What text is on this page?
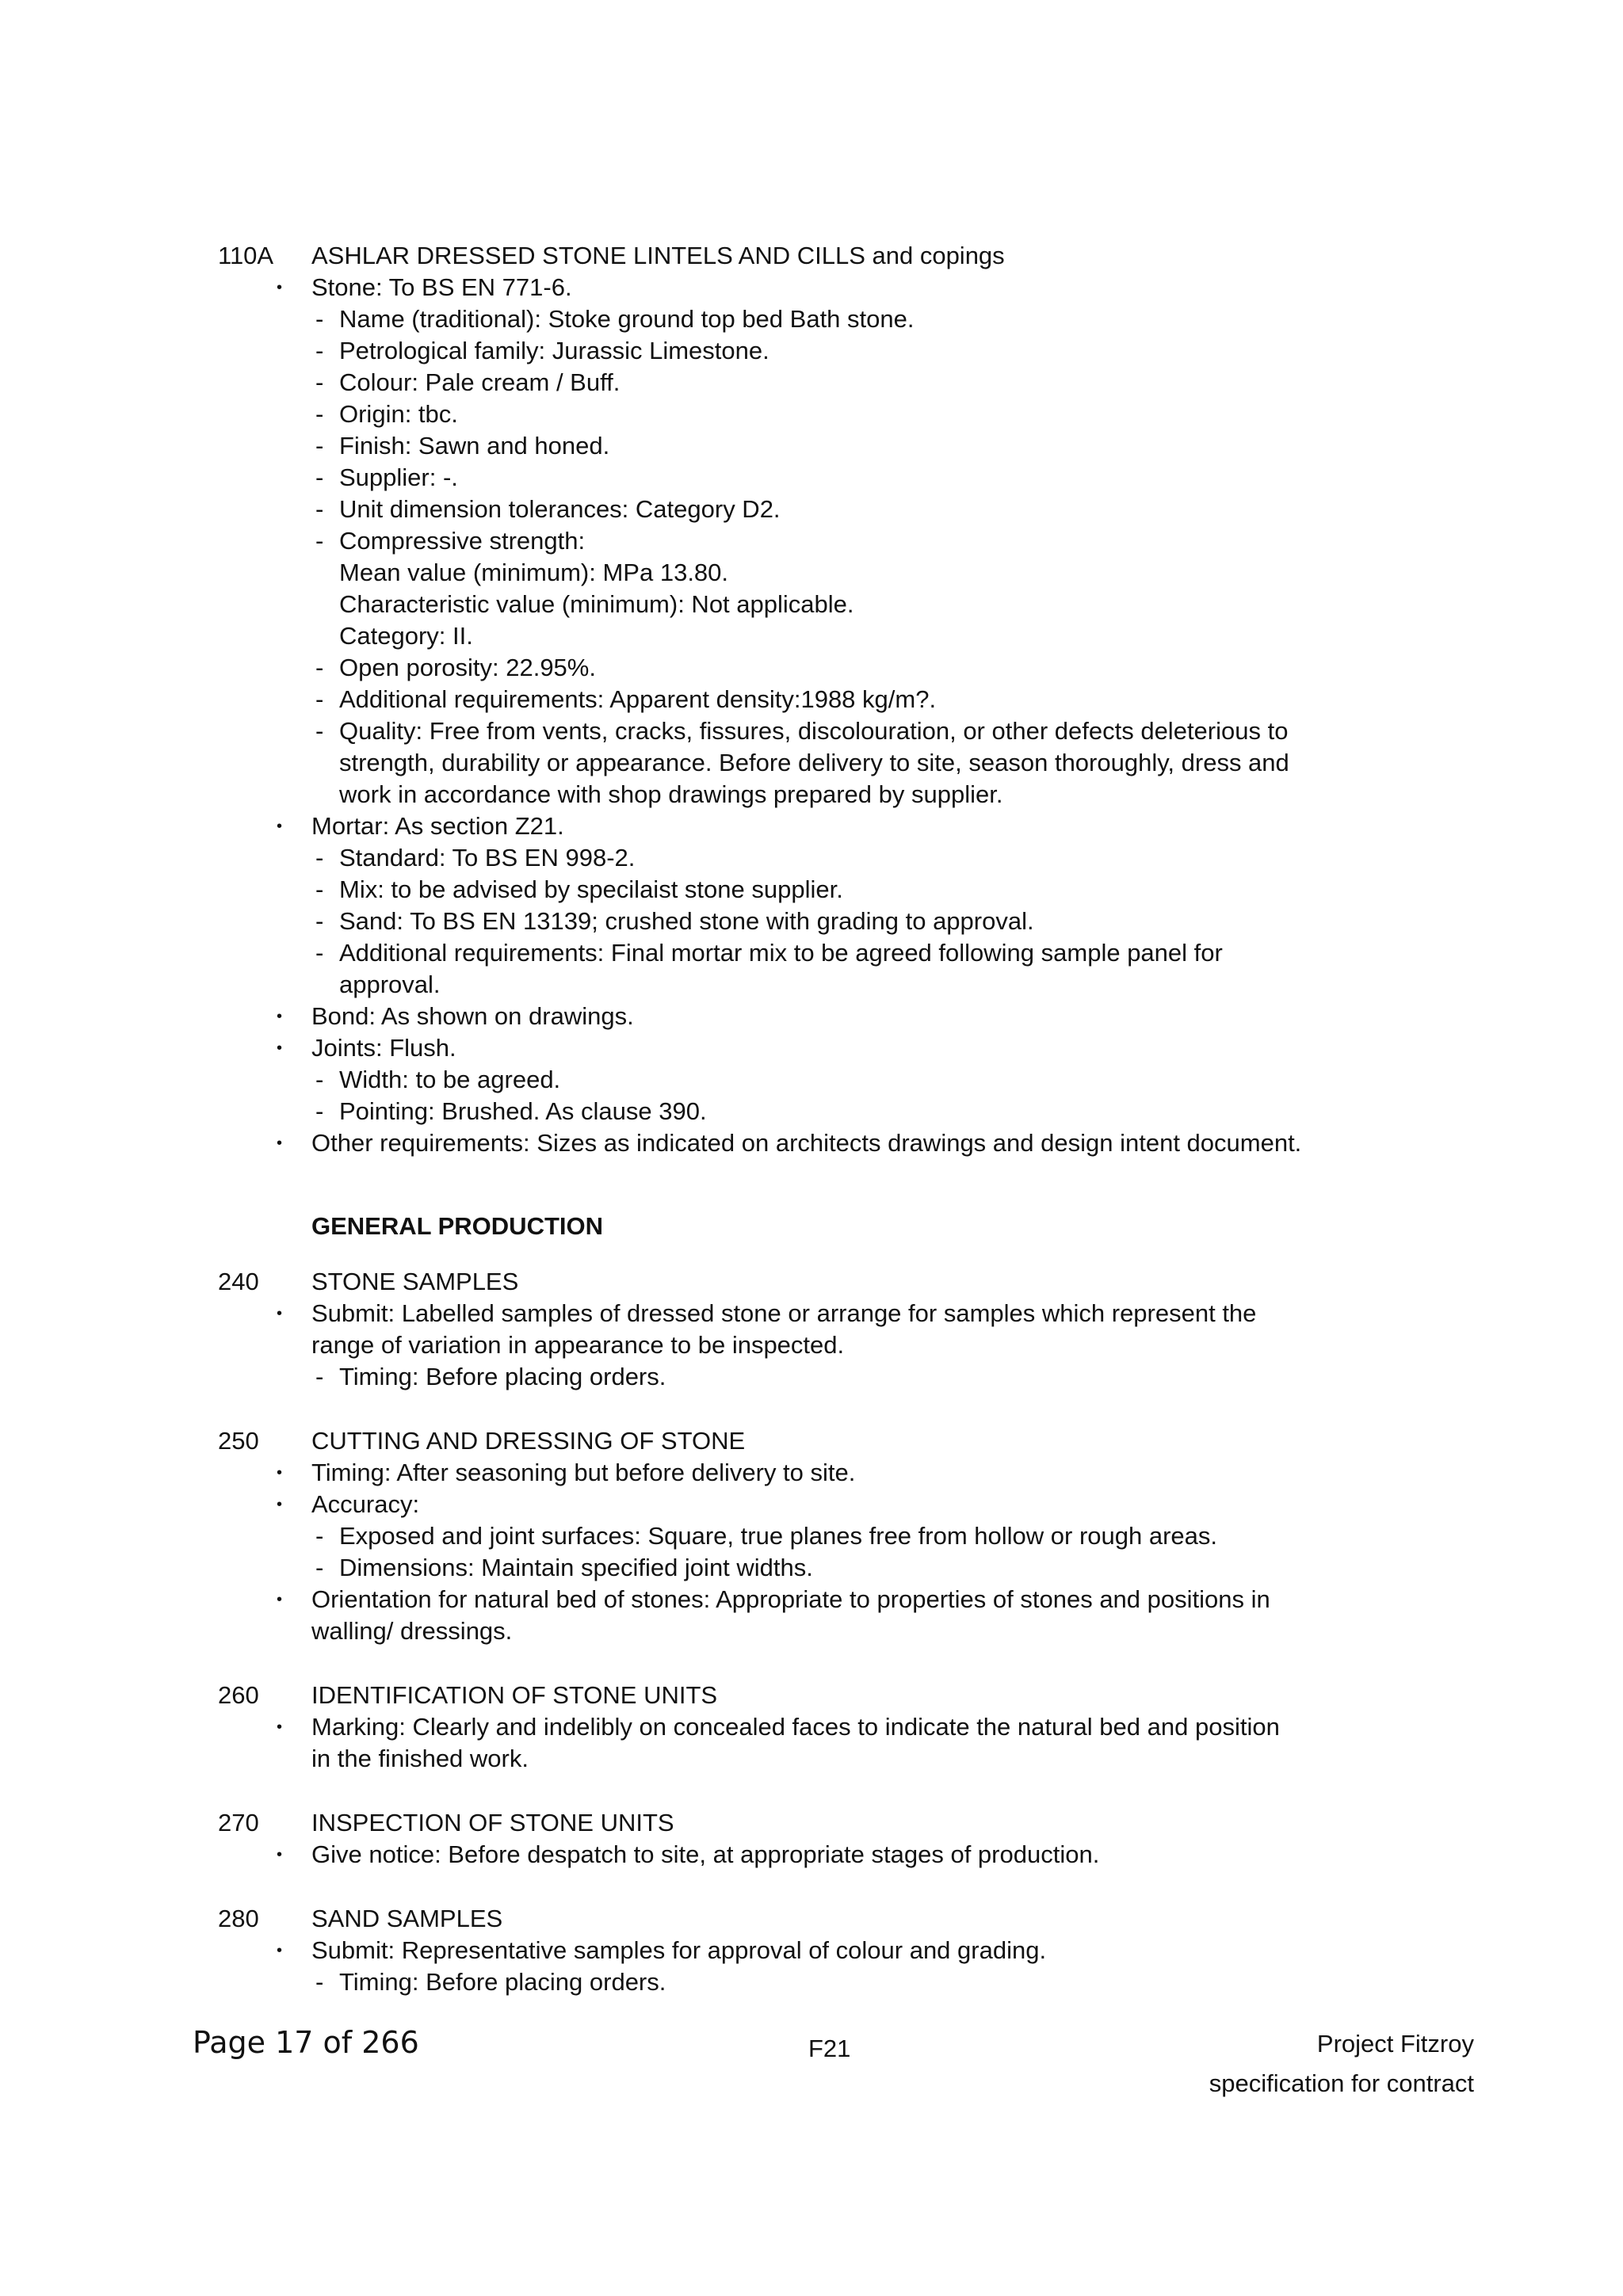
110A ASHLAR DRESSED STONE LINTELS AND CILLS and copings
• Stone: To BS EN 771-6.
- Name (traditional): Stoke ground top bed Bath stone.
- Petrological family: Jurassic Limestone.
- Colour: Pale cream / Buff.
- Origin: tbc.
- Finish: Sawn and honed.
- Supplier: -.
- Unit dimension tolerances: Category D2.
- Compressive strength:
Mean value (minimum): MPa 13.80.
Characteristic value (minimum): Not applicable.
Category: II.
- Open porosity: 22.95%.
- Additional requirements: Apparent density:1988 kg/m?.
- Quality: Free from vents, cracks, fissures, discolouration, or other defects deleterious to
strength, durability or appearance. Before delivery to site, season thoroughly, dress and
work in accordance with shop drawings prepared by supplier.
• Mortar: As section Z21.
- Standard: To BS EN 998-2.
- Mix: to be advised by specilaist stone supplier.
- Sand: To BS EN 13139; crushed stone with grading to approval.
- Additional requirements: Final mortar mix to be agreed following sample panel for
approval.
• Bond: As shown on drawings.
• Joints: Flush.
- Width: to be agreed.
- Pointing: Brushed. As clause 390.
• Other requirements: Sizes as indicated on architects drawings and design intent document.
GENERAL PRODUCTION
240 STONE SAMPLES
• Submit: Labelled samples of dressed stone or arrange for samples which represent the
range of variation in appearance to be inspected.
- Timing: Before placing orders.
250 CUTTING AND DRESSING OF STONE
• Timing: After seasoning but before delivery to site.
• Accuracy:
- Exposed and joint surfaces: Square, true planes free from hollow or rough areas.
- Dimensions: Maintain specified joint widths.
• Orientation for natural bed of stones: Appropriate to properties of stones and positions in
walling/ dressings.
260 IDENTIFICATION OF STONE UNITS
• Marking: Clearly and indelibly on concealed faces to indicate the natural bed and position
in the finished work.
270 INSPECTION OF STONE UNITS
• Give notice: Before despatch to site, at appropriate stages of production.
280 SAND SAMPLES
• Submit: Representative samples for approval of colour and grading.
- Timing: Before placing orders.
Page 17 of 266	F21	Project Fitzroy
specification for contract
